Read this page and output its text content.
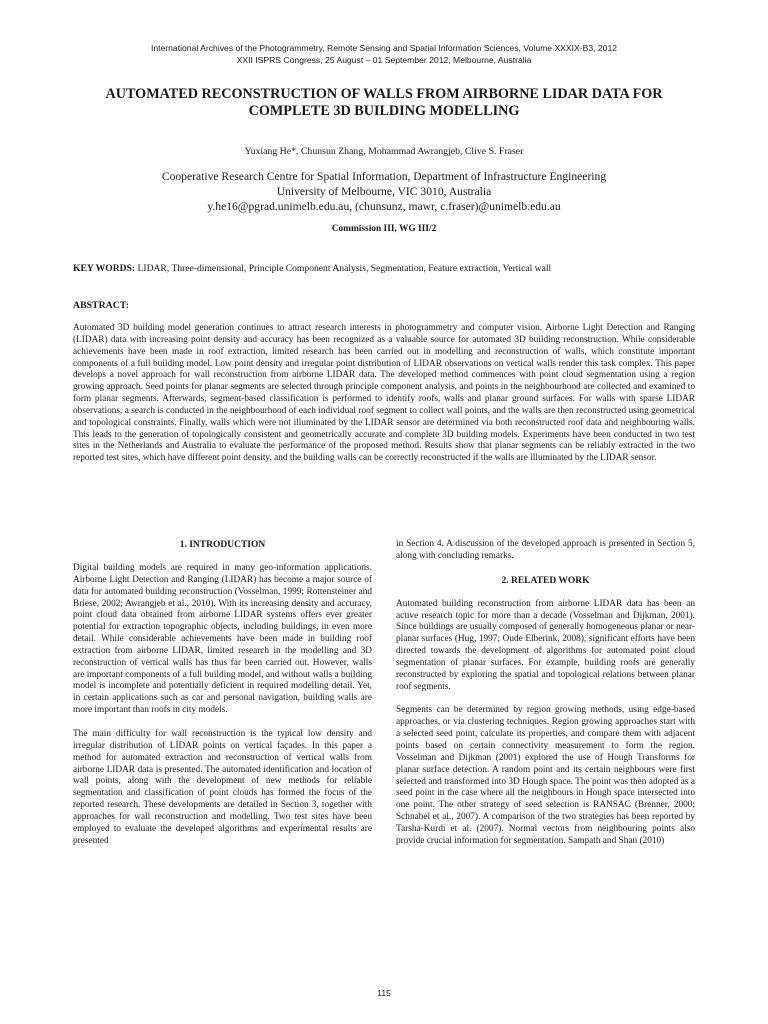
International Archives of the Photogrammetry, Remote Sensing and Spatial Information Sciences, Volume XXXIX-B3, 2012
XXII ISPRS Congress, 25 August – 01 September 2012, Melbourne, Australia
AUTOMATED RECONSTRUCTION OF WALLS FROM AIRBORNE LIDAR DATA FOR
COMPLETE 3D BUILDING MODELLING
Yuxiang He*, Chunsun Zhang, Mohammad Awrangjeb, Clive S. Fraser
Cooperative Research Centre for Spatial Information, Department of Infrastructure Engineering
University of Melbourne, VIC 3010, Australia
y.he16@pgrad.unimelb.edu.au, (chunsunz, mawr, c.fraser)@unimelb.edu.au
Commission III, WG III/2
KEY WORDS: LIDAR, Three-dimensional, Principle Component Analysis, Segmentation, Feature extraction, Vertical wall
ABSTRACT:
Automated 3D building model generation continues to attract research interests in photogrammetry and computer vision. Airborne Light Detection and Ranging (LIDAR) data with increasing point density and accuracy has been recognized as a valuable source for automated 3D building reconstruction. While considerable achievements have been made in roof extraction, limited research has been carried out in modelling and reconstruction of walls, which constitute important components of a full building model. Low point density and irregular point distribution of LIDAR observations on vertical walls render this task complex. This paper develops a novel approach for wall reconstruction from airborne LIDAR data. The developed method commences with point cloud segmentation using a region growing approach. Seed points for planar segments are selected through principle component analysis, and points in the neighbourhood are collected and examined to form planar segments. Afterwards, segment-based classification is performed to identify roofs, walls and planar ground surfaces. For walls with sparse LIDAR observations, a search is conducted in the neighbourhood of each individual roof segment to collect wall points, and the walls are then reconstructed using geometrical and topological constraints. Finally, walls which were not illuminated by the LIDAR sensor are determined via both reconstructed roof data and neighbouring walls. This leads to the generation of topologically consistent and geometrically accurate and complete 3D building models. Experiments have been conducted in two test sites in the Netherlands and Australia to evaluate the performance of the proposed method. Results show that planar segments can be reliably extracted in the two reported test sites, which have different point density, and the building walls can be correctly reconstructed if the walls are illuminated by the LIDAR sensor.
1. INTRODUCTION

Digital building models are required in many geo-information applications. Airborne Light Detection and Ranging (LIDAR) has become a major source of data for automated building reconstruction (Vosselman, 1999; Rottensteiner and Briese, 2002; Awrangjeb et al., 2010). With its increasing density and accuracy, point cloud data obtained from airborne LIDAR systems offers ever greater potential for extraction topographic objects, including buildings, in even more detail. While considerable achievements have been made in building roof extraction from airborne LIDAR, limited research in the modelling and 3D reconstruction of vertical walls has thus far been carried out. However, walls are important components of a full building model, and without walls a building model is incomplete and potentially deficient in required modelling detail. Yet, in certain applications such as car and personal navigation, building walls are more important than roofs in city models.

The main difficulty for wall reconstruction is the typical low density and irregular distribution of LIDAR points on vertical façades. In this paper a method for automated extraction and reconstruction of vertical walls from airborne LIDAR data is presented. The automated identification and location of wall points, along with the development of new methods for reliable segmentation and classification of point clouds has formed the focus of the reported research. These developments are detailed in Section 3, together with approaches for wall reconstruction and modelling. Two test sites have been employed to evaluate the developed algorithms and experimental results are presented

in Section 4. A discussion of the developed approach is presented in Section 5, along with concluding remarks.

2. RELATED WORK

Automated building reconstruction from airborne LIDAR data has been an active research topic for more than a decade (Vosselman and Dijkman, 2001). Since buildings are usually composed of generally homogeneous planar or near-planar surfaces (Hug, 1997; Oude Elberink, 2008), significant efforts have been directed towards the development of algorithms for automated point cloud segmentation of planar surfaces. For example, building roofs are generally reconstructed by exploring the spatial and topological relations between planar roof segments.

Segments can be determined by region growing methods, using edge-based approaches, or via clustering techniques. Region growing approaches start with a selected seed point, calculate its properties, and compare them with adjacent points based on certain connectivity measurement to form the region. Vosselman and Dijkman (2001) explored the use of Hough Transforms for planar surface detection. A random point and its certain neighbours were first selected and transformed into 3D Hough space. The point was then adopted as a seed point in the case where all the neighbours in Hough space intersected into one point. The other strategy of seed selection is RANSAC (Brenner, 2000; Schnabel et al., 2007). A comparison of the two strategies has been reported by Tarsha-Kurdi et al. (2007). Normal vectors from neighbouring points also provide crucial information for segmentation. Sampath and Shan (2010)

115
